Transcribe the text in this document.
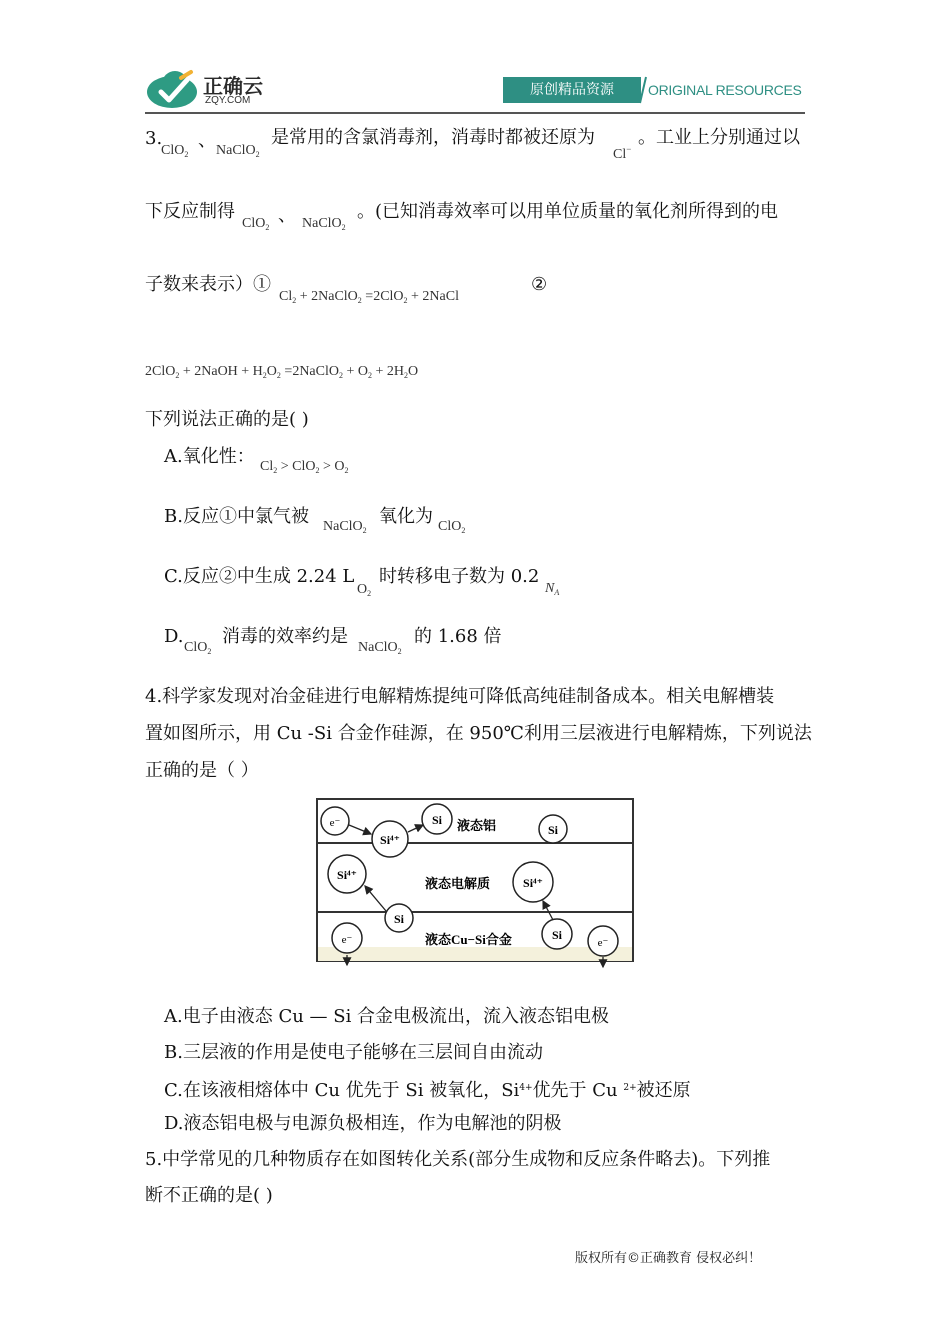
正确云
ZQY.COM
原创精品资源	ORIGINAL RESOURCES
3.
ClO$_2$
、 NaClO$_2$
是常用的含氯消毒剂，消毒时都被还原为
Cl−
。工业上分别通过以
下反应制得
ClO$_2$
、 NaClO$_2$
。(已知消毒效率可以用单位质量的氧化剂所得到的电
子数来表示）①
$Cl_2$ + 2NaClO$_2$ =2ClO$_2$ + 2NaCl
②
2ClO$_2$ + 2NaOH + $H_2O_2$ =2NaClO$_2$ + $O_2 + 2H_2O$
下列说法正确的是( )
A.氧化性： $Cl_2 > ClO_2 > O_2$
B.反应①中氯气被 NaClO$_2$
氧化为 ClO$_2$
C.反应②中生成 2.24 L
$O_2$
时转移电子数为 0.2
$N_A$
D.
ClO$_2$
消毒的效率约是
NaClO$_2$
的 1.68 倍
4.科学家发现对冶金硅进行电解精炼提纯可降低高纯硅制备成本。相关电解槽装
置如图所示，用 Cu -Si 合金作硅源，在 950℃利用三层液进行电解精炼，下列说法
正确的是（ ）
e⁻
Si⁴⁺
Si
Si
Si⁴⁺
Si⁴⁺
Si
Si
e⁻	e⁻
液态铝
液态电解质
液态Cu−Si合金
A.电子由液态 Cu — Si 合金电极流出，流入液态铝电极
B.三层液的作用是使电子能够在三层间自由流动
C.在该液相熔体中 Cu 优先于 Si 被氧化，$Si^{4+}$优先于 Cu $^{2+}$被还原
D.液态铝电极与电源负极相连，作为电解池的阴极
5.中学常见的几种物质存在如图转化关系(部分生成物和反应条件略去)。下列推
断不正确的是( )
版权所有©正确教育 侵权必纠！
